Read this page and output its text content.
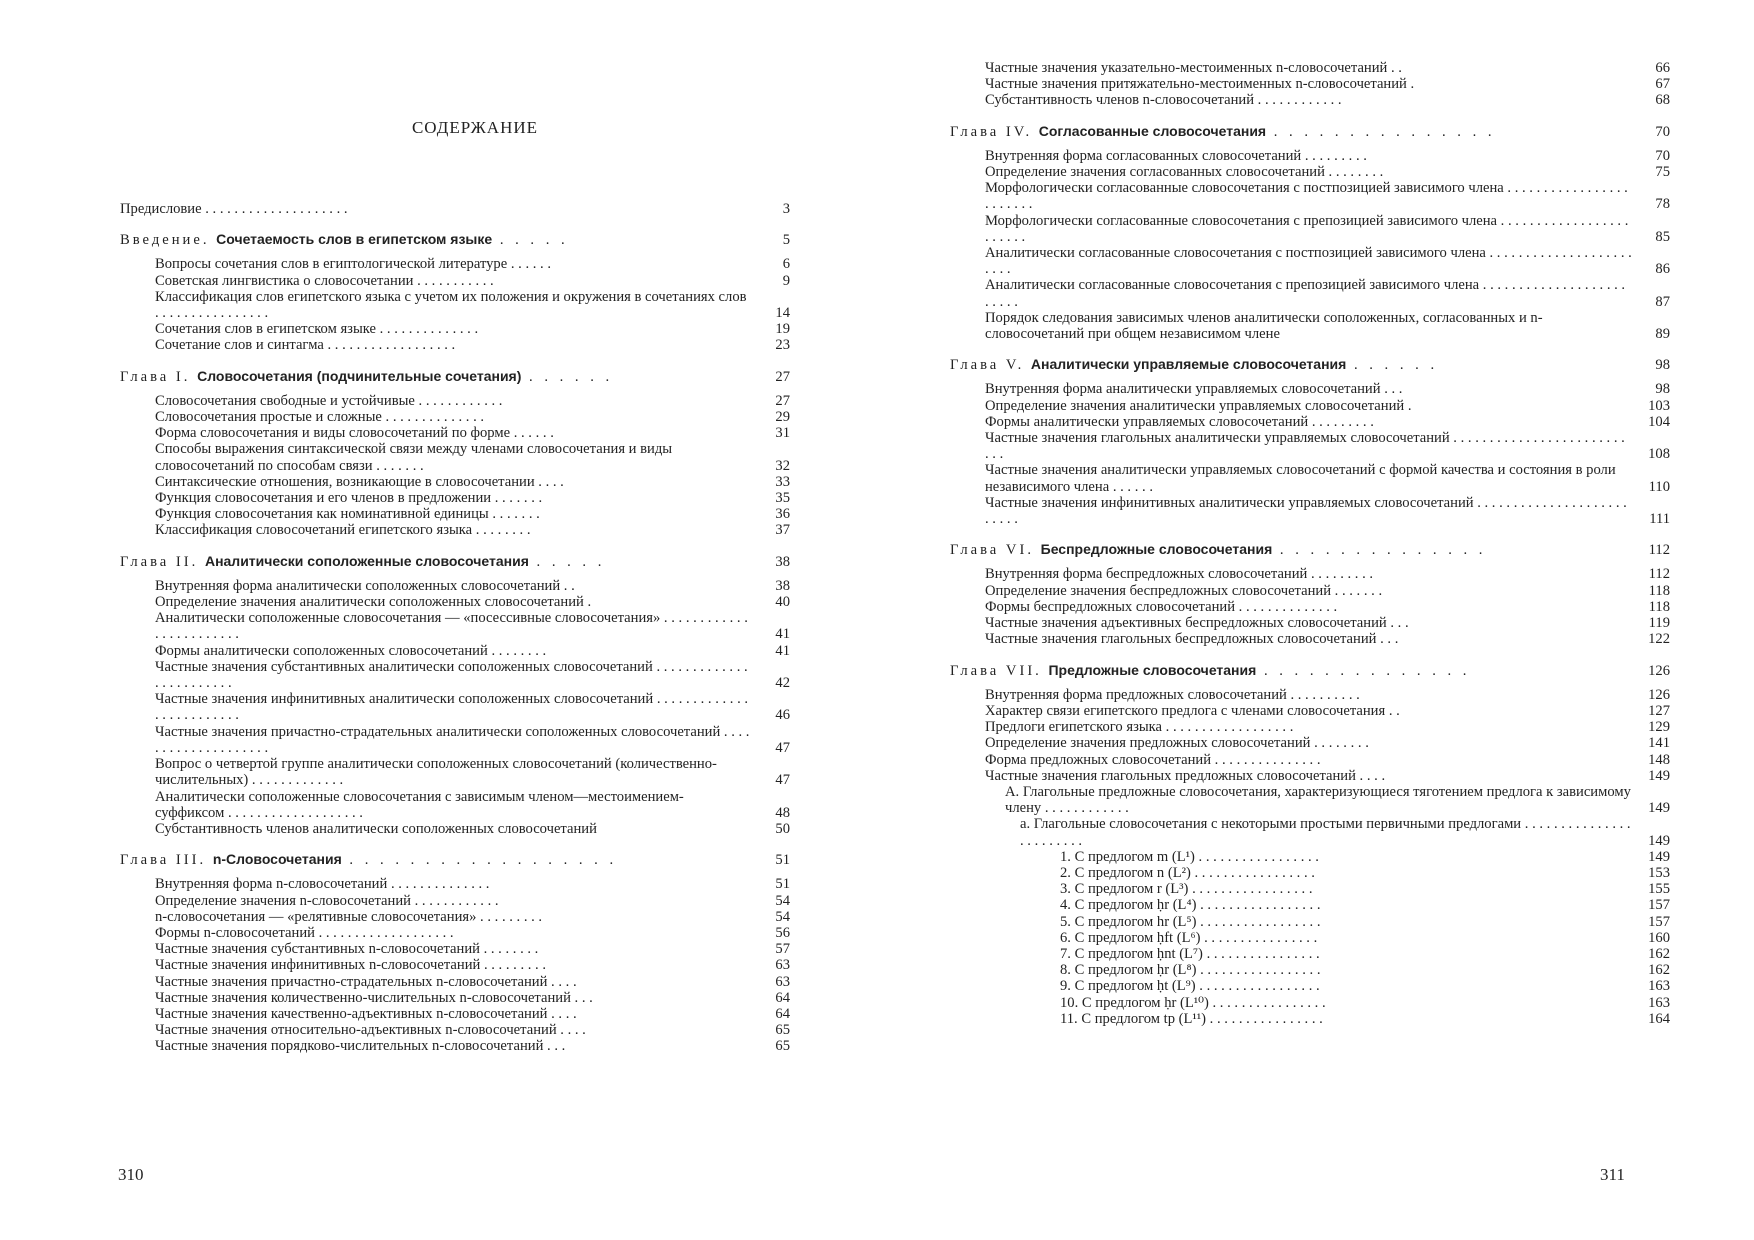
СОДЕРЖАНИЕ
Предисловие . . . . . . . . . . . . . . . . . . . .	3
Введение. Сочетаемость слов в египетском языке . . . . .	5
Вопросы сочетания слов в египтологической литературе . . . . . .	6
Советская лингвистика о словосочетании . . . . . . . . . . .	9
Классификация слов египетского языка с учетом их положения и окружения в сочетаниях слов . . . . . . . . . . . . . . . .	14
Сочетания слов в египетском языке . . . . . . . . . . . . . .	19
Сочетание слов и синтагма . . . . . . . . . . . . . . . . . .	23
Глава I. Словосочетания (подчинительные сочетания) . . . . . .	27
Словосочетания свободные и устойчивые . . . . . . . . . . . .	27
Словосочетания простые и сложные . . . . . . . . . . . . . .	29
Форма словосочетания и виды словосочетаний по форме . . . . . .	31
Способы выражения синтаксической связи между членами словосочетания и виды словосочетаний по способам связи . . . . . . .	32
Синтаксические отношения, возникающие в словосочетании . . . .	33
Функция словосочетания и его членов в предложении . . . . . . .	35
Функция словосочетания как номинативной единицы . . . . . . .	36
Классификация словосочетаний египетского языка . . . . . . . .	37
Глава II. Аналитически соположенные словосочетания . . . . .	38
Внутренняя форма аналитически соположенных словосочетаний . .	38
Определение значения аналитически соположенных словосочетаний .	40
Аналитически соположенные словосочетания — «посессивные словосочетания» . . . . . . . . . . . . . . . . . . . . . . . .	41
Формы аналитически соположенных словосочетаний . . . . . . . .	41
Частные значения субстантивных аналитически соположенных словосочетаний . . . . . . . . . . . . . . . . . . . . . . . .	42
Частные значения инфинитивных аналитически соположенных словосочетаний . . . . . . . . . . . . . . . . . . . . . . . . .	46
Частные значения причастно-страдательных аналитически соположенных словосочетаний . . . . . . . . . . . . . . . . . . . .	47
Вопрос о четвертой группе аналитически соположенных словосочетаний (количественно-числительных) . . . . . . . . . . . . .	47
Аналитически соположенные словосочетания с зависимым членом—местоимением-суффиксом . . . . . . . . . . . . . . . . . . .	48
Субстантивность членов аналитически соположенных словосочетаний	50
Глава III. n-Словосочетания . . . . . . . . . . . . . . . . . .	51
Внутренняя форма n-словосочетаний . . . . . . . . . . . . . .	51
Определение значения n-словосочетаний . . . . . . . . . . . .	54
n-словосочетания — «релятивные словосочетания» . . . . . . . . .	54
Формы n-словосочетаний . . . . . . . . . . . . . . . . . . .	56
Частные значения субстантивных n-словосочетаний . . . . . . . .	57
Частные значения инфинитивных n-словосочетаний . . . . . . . . .	63
Частные значения причастно-страдательных n-словосочетаний . . . .	63
Частные значения количественно-числительных n-словосочетаний . . .	64
Частные значения качественно-адъективных n-словосочетаний . . . .	64
Частные значения относительно-адъективных n-словосочетаний . . . .	65
Частные значения порядково-числительных n-словосочетаний . . .	65
310
Частные значения указательно-местоименных n-словосочетаний . .	66
Частные значения притяжательно-местоименных n-словосочетаний .	67
Субстантивность членов n-словосочетаний . . . . . . . . . . . .	68
Глава IV. Согласованные словосочетания . . . . . . . . . . . . . . .	70
Внутренняя форма согласованных словосочетаний . . . . . . . . .	70
Определение значения согласованных словосочетаний . . . . . . . .	75
Морфологически согласованные словосочетания с постпозицией зависимого члена . . . . . . . . . . . . . . . . . . . . . . . .	78
Морфологически согласованные словосочетания с препозицией зависимого члена . . . . . . . . . . . . . . . . . . . . . . . .	85
Аналитически согласованные словосочетания с постпозицией зависимого члена . . . . . . . . . . . . . . . . . . . . . . . .	86
Аналитически согласованные словосочетания с препозицией зависимого члена . . . . . . . . . . . . . . . . . . . . . . . . .	87
Порядок следования зависимых членов аналитически соположенных, согласованных и n-словосочетаний при общем независимом члене	89
Глава V. Аналитически управляемые словосочетания . . . . . .	98
Внутренняя форма аналитически управляемых словосочетаний . . .	98
Определение значения аналитически управляемых словосочетаний .	103
Формы аналитически управляемых словосочетаний . . . . . . . . .	104
Частные значения глагольных аналитически управляемых словосочетаний . . . . . . . . . . . . . . . . . . . . . . . . . . .	108
Частные значения аналитически управляемых словосочетаний с формой качества и состояния в роли независимого члена . . . . . .	110
Частные значения инфинитивных аналитически управляемых словосочетаний . . . . . . . . . . . . . . . . . . . . . . . . . .	111
Глава VI. Беспредложные словосочетания . . . . . . . . . . . . . .	112
Внутренняя форма беспредложных словосочетаний . . . . . . . . .	112
Определение значения беспредложных словосочетаний . . . . . . .	118
Формы беспредложных словосочетаний . . . . . . . . . . . . . .	118
Частные значения адъективных беспредложных словосочетаний . . .	119
Частные значения глагольных беспредложных словосочетаний . . .	122
Глава VII. Предложные словосочетания . . . . . . . . . . . . . .	126
Внутренняя форма предложных словосочетаний . . . . . . . . . .	126
Характер связи египетского предлога с членами словосочетания . .	127
Предлоги египетского языка . . . . . . . . . . . . . . . . . .	129
Определение значения предложных словосочетаний . . . . . . . .	141
Форма предложных словосочетаний . . . . . . . . . . . . . . .	148
Частные значения глагольных предложных словосочетаний . . . .	149
А. Глагольные предложные словосочетания, характеризующиеся тяготением предлога к зависимому члену . . . . . . . . . . . .	149
а. Глагольные словосочетания с некоторыми простыми первичными предлогами . . . . . . . . . . . . . . . . . . . . . . . .	149
1. С предлогом m (L¹) . . . . . . . . . . . . . . . . .	149
2. С предлогом n (L²) . . . . . . . . . . . . . . . . .	153
3. С предлогом r (L³) . . . . . . . . . . . . . . . . .	155
4. С предлогом ḥr (L⁴) . . . . . . . . . . . . . . . . .	157
5. С предлогом hr (L⁵) . . . . . . . . . . . . . . . . .	157
6. С предлогом ḥft (L⁶) . . . . . . . . . . . . . . . .	160
7. С предлогом ḥnt (L⁷) . . . . . . . . . . . . . . . .	162
8. С предлогом ḥr (L⁸) . . . . . . . . . . . . . . . . .	162
9. С предлогом ḥt (L⁹) . . . . . . . . . . . . . . . . .	163
10. С предлогом ḥr (L¹⁰) . . . . . . . . . . . . . . . .	163
11. С предлогом tp (L¹¹) . . . . . . . . . . . . . . . .	164
311
